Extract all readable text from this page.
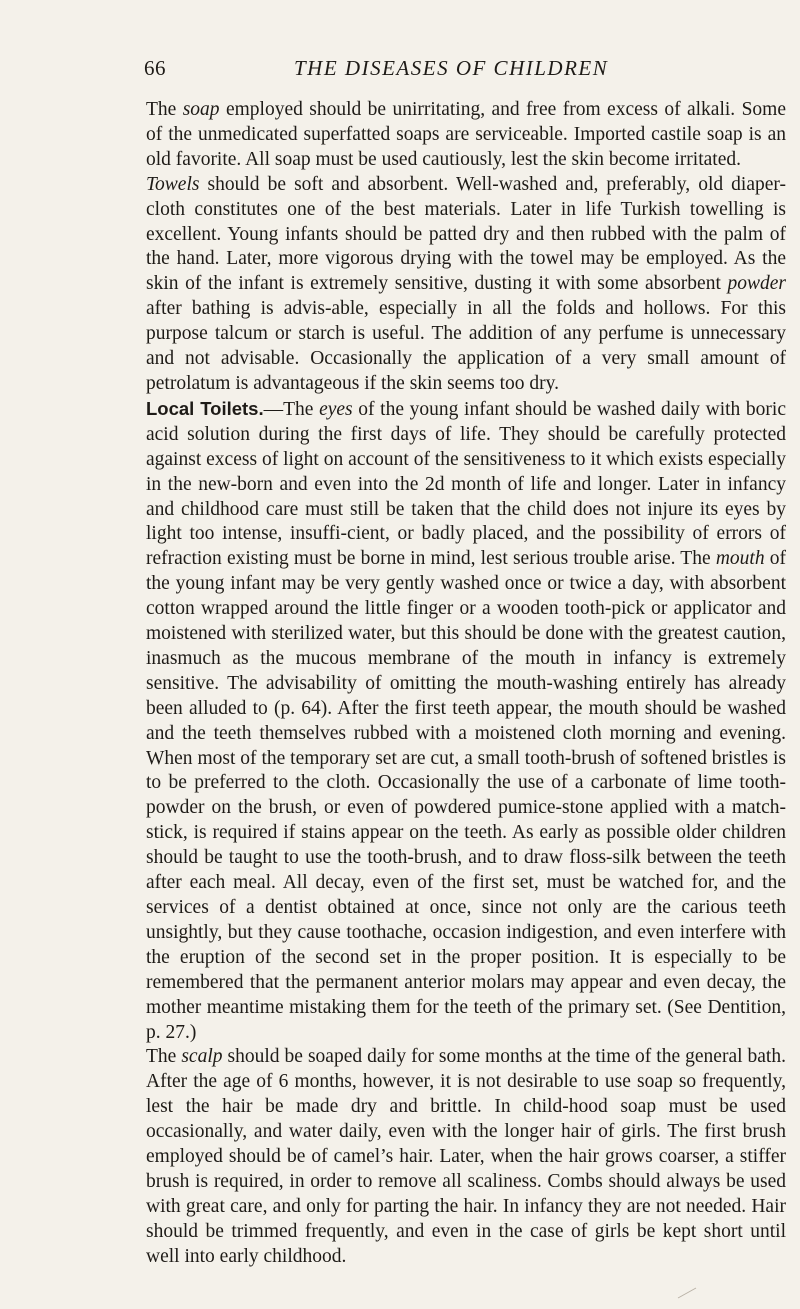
66	THE DISEASES OF CHILDREN

The soap employed should be unirritating, and free from excess of alkali. Some of the unmedicated superfatted soaps are serviceable. Imported castile soap is an old favorite. All soap must be used cautiously, lest the skin become irritated.

Towels should be soft and absorbent. Well-washed and, preferably, old diaper-cloth constitutes one of the best materials. Later in life Turkish towelling is excellent. Young infants should be patted dry and then rubbed with the palm of the hand. Later, more vigorous drying with the towel may be employed. As the skin of the infant is extremely sensitive, dusting it with some absorbent powder after bathing is advis-able, especially in all the folds and hollows. For this purpose talcum or starch is useful. The addition of any perfume is unnecessary and not advisable. Occasionally the application of a very small amount of petrolatum is advantageous if the skin seems too dry.

Local Toilets.—The eyes of the young infant should be washed daily with boric acid solution during the first days of life. They should be carefully protected against excess of light on account of the sensitiveness to it which exists especially in the new-born and even into the 2d month of life and longer. Later in infancy and childhood care must still be taken that the child does not injure its eyes by light too intense, insuffi-cient, or badly placed, and the possibility of errors of refraction existing must be borne in mind, lest serious trouble arise. The mouth of the young infant may be very gently washed once or twice a day, with absorbent cotton wrapped around the little finger or a wooden tooth-pick or applicator and moistened with sterilized water, but this should be done with the greatest caution, inasmuch as the mucous membrane of the mouth in infancy is extremely sensitive. The advisability of omitting the mouth-washing entirely has already been alluded to (p. 64). After the first teeth appear, the mouth should be washed and the teeth themselves rubbed with a moistened cloth morning and evening. When most of the temporary set are cut, a small tooth-brush of softened bristles is to be preferred to the cloth. Occasionally the use of a carbonate of lime tooth-powder on the brush, or even of powdered pumice-stone applied with a match-stick, is required if stains appear on the teeth. As early as possible older children should be taught to use the tooth-brush, and to draw floss-silk between the teeth after each meal. All decay, even of the first set, must be watched for, and the services of a dentist obtained at once, since not only are the carious teeth unsightly, but they cause toothache, occasion indigestion, and even interfere with the eruption of the second set in the proper position. It is especially to be remembered that the permanent anterior molars may appear and even decay, the mother meantime mistaking them for the teeth of the primary set. (See Dentition, p. 27.)

The scalp should be soaped daily for some months at the time of the general bath. After the age of 6 months, however, it is not desirable to use soap so frequently, lest the hair be made dry and brittle. In child-hood soap must be used occasionally, and water daily, even with the longer hair of girls. The first brush employed should be of camel’s hair. Later, when the hair grows coarser, a stiffer brush is required, in order to remove all scaliness. Combs should always be used with great care, and only for parting the hair. In infancy they are not needed. Hair should be trimmed frequently, and even in the case of girls be kept short until well into early childhood.
